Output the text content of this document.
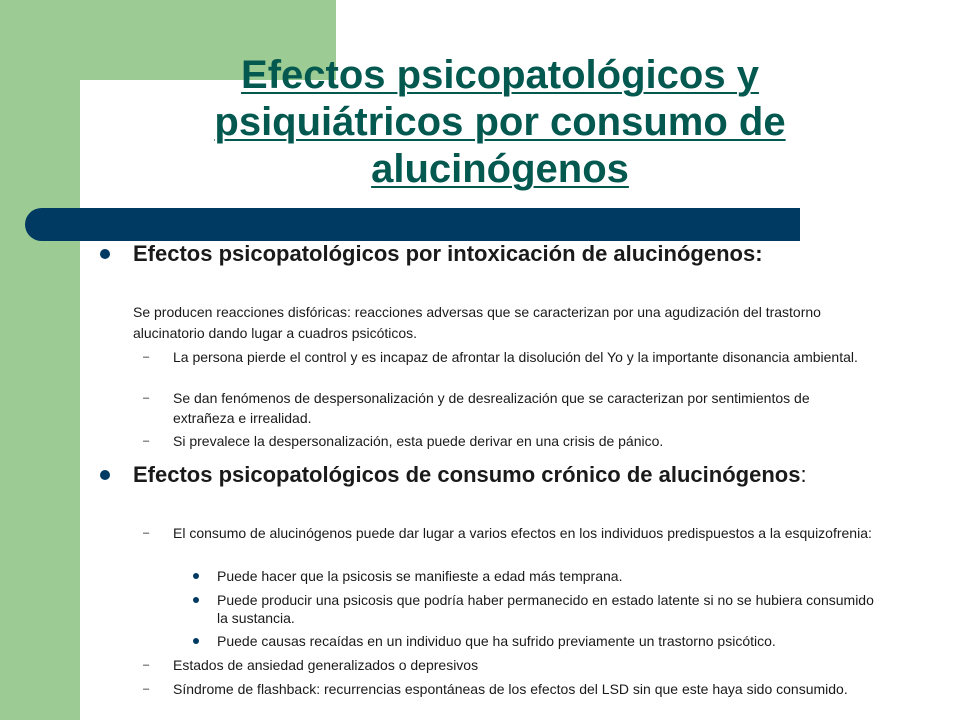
Efectos psicopatológicos y psiquiátricos por consumo de alucinógenos
Efectos psicopatológicos por intoxicación de alucinógenos:
Se producen reacciones disfóricas: reacciones adversas que se caracterizan por una agudización del trastorno alucinatorio dando lugar a cuadros psicóticos.
– La persona pierde el control y es incapaz de afrontar la disolución del Yo y la importante disonancia ambiental.
– Se dan fenómenos de despersonalización y de desrealización que se caracterizan por sentimientos de extrañeza e irrealidad.
– Si prevalece la despersonalización, esta puede derivar en una crisis de pánico.
Efectos psicopatológicos de consumo crónico de alucinógenos:
– El consumo de alucinógenos puede dar lugar a varios efectos en los individuos predispuestos a la esquizofrenia:
Puede hacer que la psicosis se manifieste a edad más temprana.
Puede producir una psicosis que podría haber permanecido en estado latente si no se hubiera consumido la sustancia.
Puede causas recaídas en un individuo que ha sufrido previamente un trastorno psicótico.
– Estados de ansiedad generalizados o depresivos
– Síndrome de flashback: recurrencias espontáneas de los efectos del LSD sin que este haya sido consumido.
